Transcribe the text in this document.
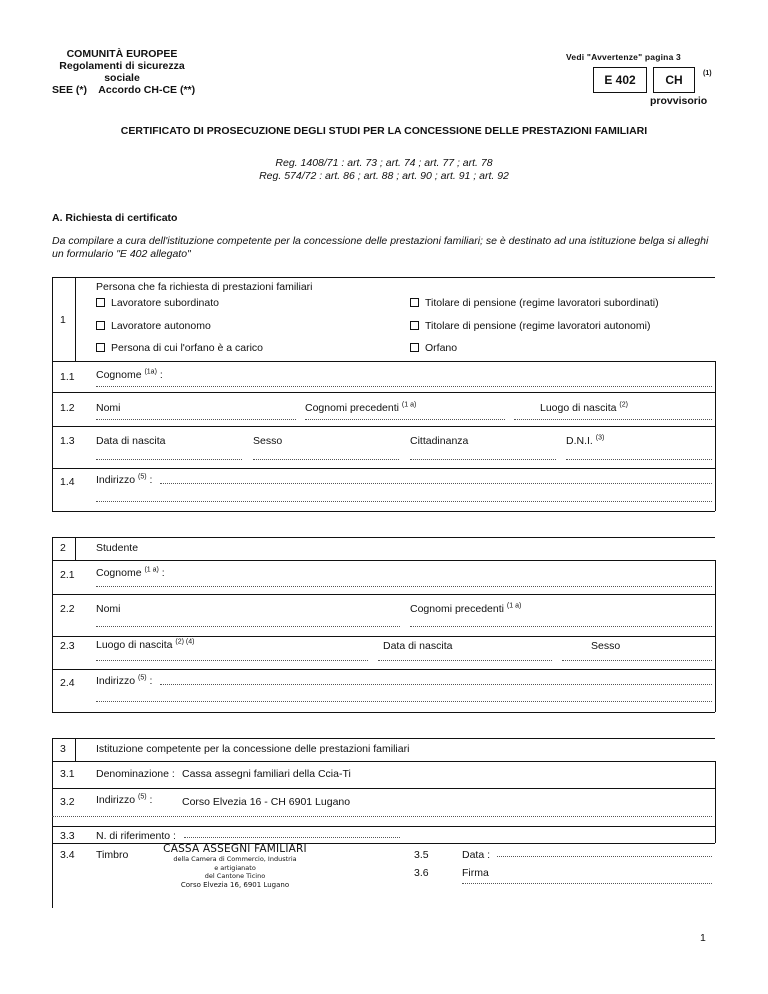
COMUNITÀ EUROPEE
Regolamenti di sicurezza sociale
SEE (*)    Accordo CH-CE (**)
Vedi "Avvertenze" pagina 3
E 402 CH	(1)
provvisorio
CERTIFICATO DI PROSECUZIONE DEGLI STUDI PER LA CONCESSIONE DELLE PRESTAZIONI FAMILIARI
Reg. 1408/71 : art. 73 ; art. 74 ; art. 77 ; art. 78
Reg. 574/72 : art. 86 ; art. 88 ; art. 90 ; art. 91 ; art. 92
A. Richiesta di certificato
Da compilare a cura dell'istituzione competente per la concessione delle prestazioni familiari; se è destinato ad una istituzione belga si alleghi un formulario "E 402 allegato"
1
Persona che fa richiesta di prestazioni familiari
Lavoratore subordinato	Titolare di pensione (regime lavoratori subordinati)
Lavoratore autonomo	Titolare di pensione (regime lavoratori autonomi)
Persona di cui l'orfano è a carico	Orfano
1.1 Cognome $^{(1a)}$ :
1.2 Nomi	Cognomi precedenti $^{(1 a)}$	Luogo di nascita $^{(2)}$
1.3 Data di nascita	Sesso	Cittadinanza	D.N.I. $^{(3)}$
1.4 Indirizzo $^{(5)}$ :
2	Studente
2.1 Cognome $^{(1 a)}$ :
2.2 Nomi	Cognomi precedenti $^{(1 a)}$
2.3 Luogo di nascita $^{(2) (4)}$	Data di nascita	Sesso
2.4 Indirizzo $^{(5)}$ :
3	Istituzione competente per la concessione delle prestazioni familiari
3.1 Denominazione : Cassa assegni familiari della Ccia-Ti
3.2 Indirizzo $^{(5)}$ :	Corso Elvezia 16 - CH 6901 Lugano
3.3 N. di riferimento :
3.4 Timbro	CASSA ASSEGNI FAMILIARI
della Camera di Commercio, Industria
e artigianato
del Cantone Ticino
Corso Elvezia 16, 6901 Lugano
3.5	Data :
3.6	Firma
1
